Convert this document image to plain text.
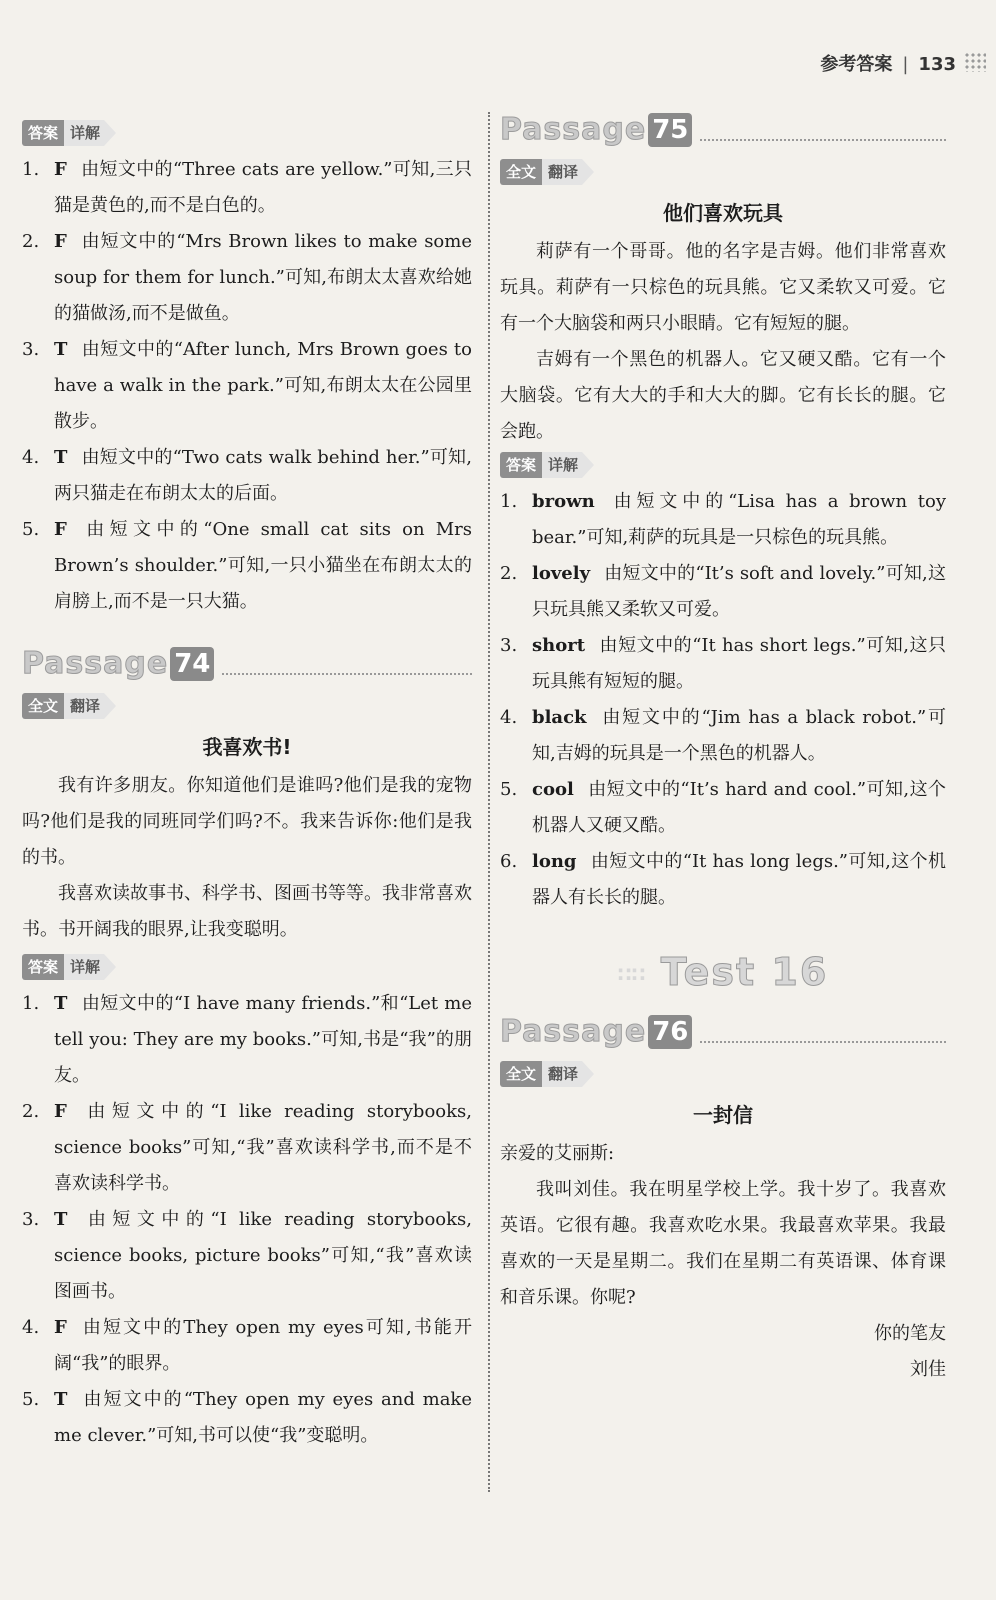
参考答案 | 133
答案 详解
1. F 由短文中的“Three cats are yellow.”可知,三只猫是黄色的,而不是白色的。
2. F 由短文中的“Mrs Brown likes to make some soup for them for lunch.”可知,布朗太太喜欢给她的猫做汤,而不是做鱼。
3. T 由短文中的“After lunch, Mrs Brown goes to have a walk in the park.”可知,布朗太太在公园里散步。
4. T 由短文中的“Two cats walk behind her.”可知,两只猫走在布朗太太的后面。
5. F 由短文中的“One small cat sits on Mrs Brown’s shoulder.”可知,一只小猫坐在布朗太太的肩膀上,而不是一只大猫。
Passage 74
全文 翻译
我喜欢书!

我有许多朋友。你知道他们是谁吗?他们是我的宠物吗?他们是我的同班同学们吗?不。我来告诉你:他们是我的书。

我喜欢读故事书、科学书、图画书等等。我非常喜欢书。书开阔我的眼界,让我变聪明。

答案 详解
1. T 由短文中的“I have many friends.”和“Let me tell you: They are my books.”可知,书是“我”的朋友。
2. F 由短文中的“I like reading storybooks, science books”可知,“我”喜欢读科学书,而不是不喜欢读科学书。
3. T 由短文中的“I like reading storybooks, science books, picture books”可知,“我”喜欢读图画书。
4. F 由短文中的They open my eyes可知,书能开阔“我”的眼界。
5. T 由短文中的“They open my eyes and make me clever.”可知,书可以使“我”变聪明。
Passage 75
全文 翻译
他们喜欢玩具

莉萨有一个哥哥。他的名字是吉姆。他们非常喜欢玩具。莉萨有一只棕色的玩具熊。它又柔软又可爱。它有一个大脑袋和两只小眼睛。它有短短的腿。

吉姆有一个黑色的机器人。它又硬又酷。它有一个大脑袋。它有大大的手和大大的脚。它有长长的腿。它会跑。

答案 详解
1. brown 由短文中的“Lisa has a brown toy bear.”可知,莉萨的玩具是一只棕色的玩具熊。
2. lovely 由短文中的“It’s soft and lovely.”可知,这只玩具熊又柔软又可爱。
3. short 由短文中的“It has short legs.”可知,这只玩具熊有短短的腿。
4. black 由短文中的“Jim has a black robot.”可知,吉姆的玩具是一个黑色的机器人。
5. cool 由短文中的“It’s hard and cool.”可知,这个机器人又硬又酷。
6. long 由短文中的“It has long legs.”可知,这个机器人有长长的腿。
∷∷ Test 16
Passage 76
全文 翻译
一封信

亲爱的艾丽斯:

我叫刘佳。我在明星学校上学。我十岁了。我喜欢英语。它很有趣。我喜欢吃水果。我最喜欢苹果。我最喜欢的一天是星期二。我们在星期二有英语课、体育课和音乐课。你呢?

你的笔友

刘佳
